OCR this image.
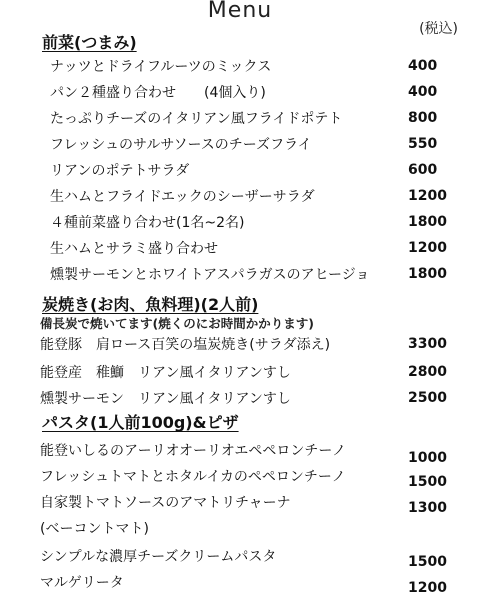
Menu
(税込)
前菜(つまみ)
ナッツとドライフルーツのミックス	400
パン２種盛り合わせ　　(4個入り)	400
たっぷりチーズのイタリアン風フライドポテト	800
フレッシュのサルサソースのチーズフライ	550
リアンのポテトサラダ	600
生ハムとフライドエックのシーザーサラダ	1200
４種前菜盛り合わせ(1名~2名)	1800
生ハムとサラミ盛り合わせ	1200
燻製サーモンとホワイトアスパラガスのアヒージョ	1800
炭焼き(お肉、魚料理)(2人前)
備長炭で焼いてます(焼くのにお時間かかります)
能登豚　肩ロース百笑の塩炭焼き(サラダ添え)	3300
能登産　稚鰤　リアン風イタリアンすし	2800
燻製サーモン　リアン風イタリアンすし	2500
パスタ(1人前100g)&ピザ
能登いしるのアーリオオーリオエペペロンチーノ	1000
フレッシュトマトとホタルイカのペペロンチーノ	1500
自家製トマトソースのアマトリチャーナ	1300
(ベーコントマト)
シンプルな濃厚チーズクリームパスタ	1500
マルゲリータ	1200
